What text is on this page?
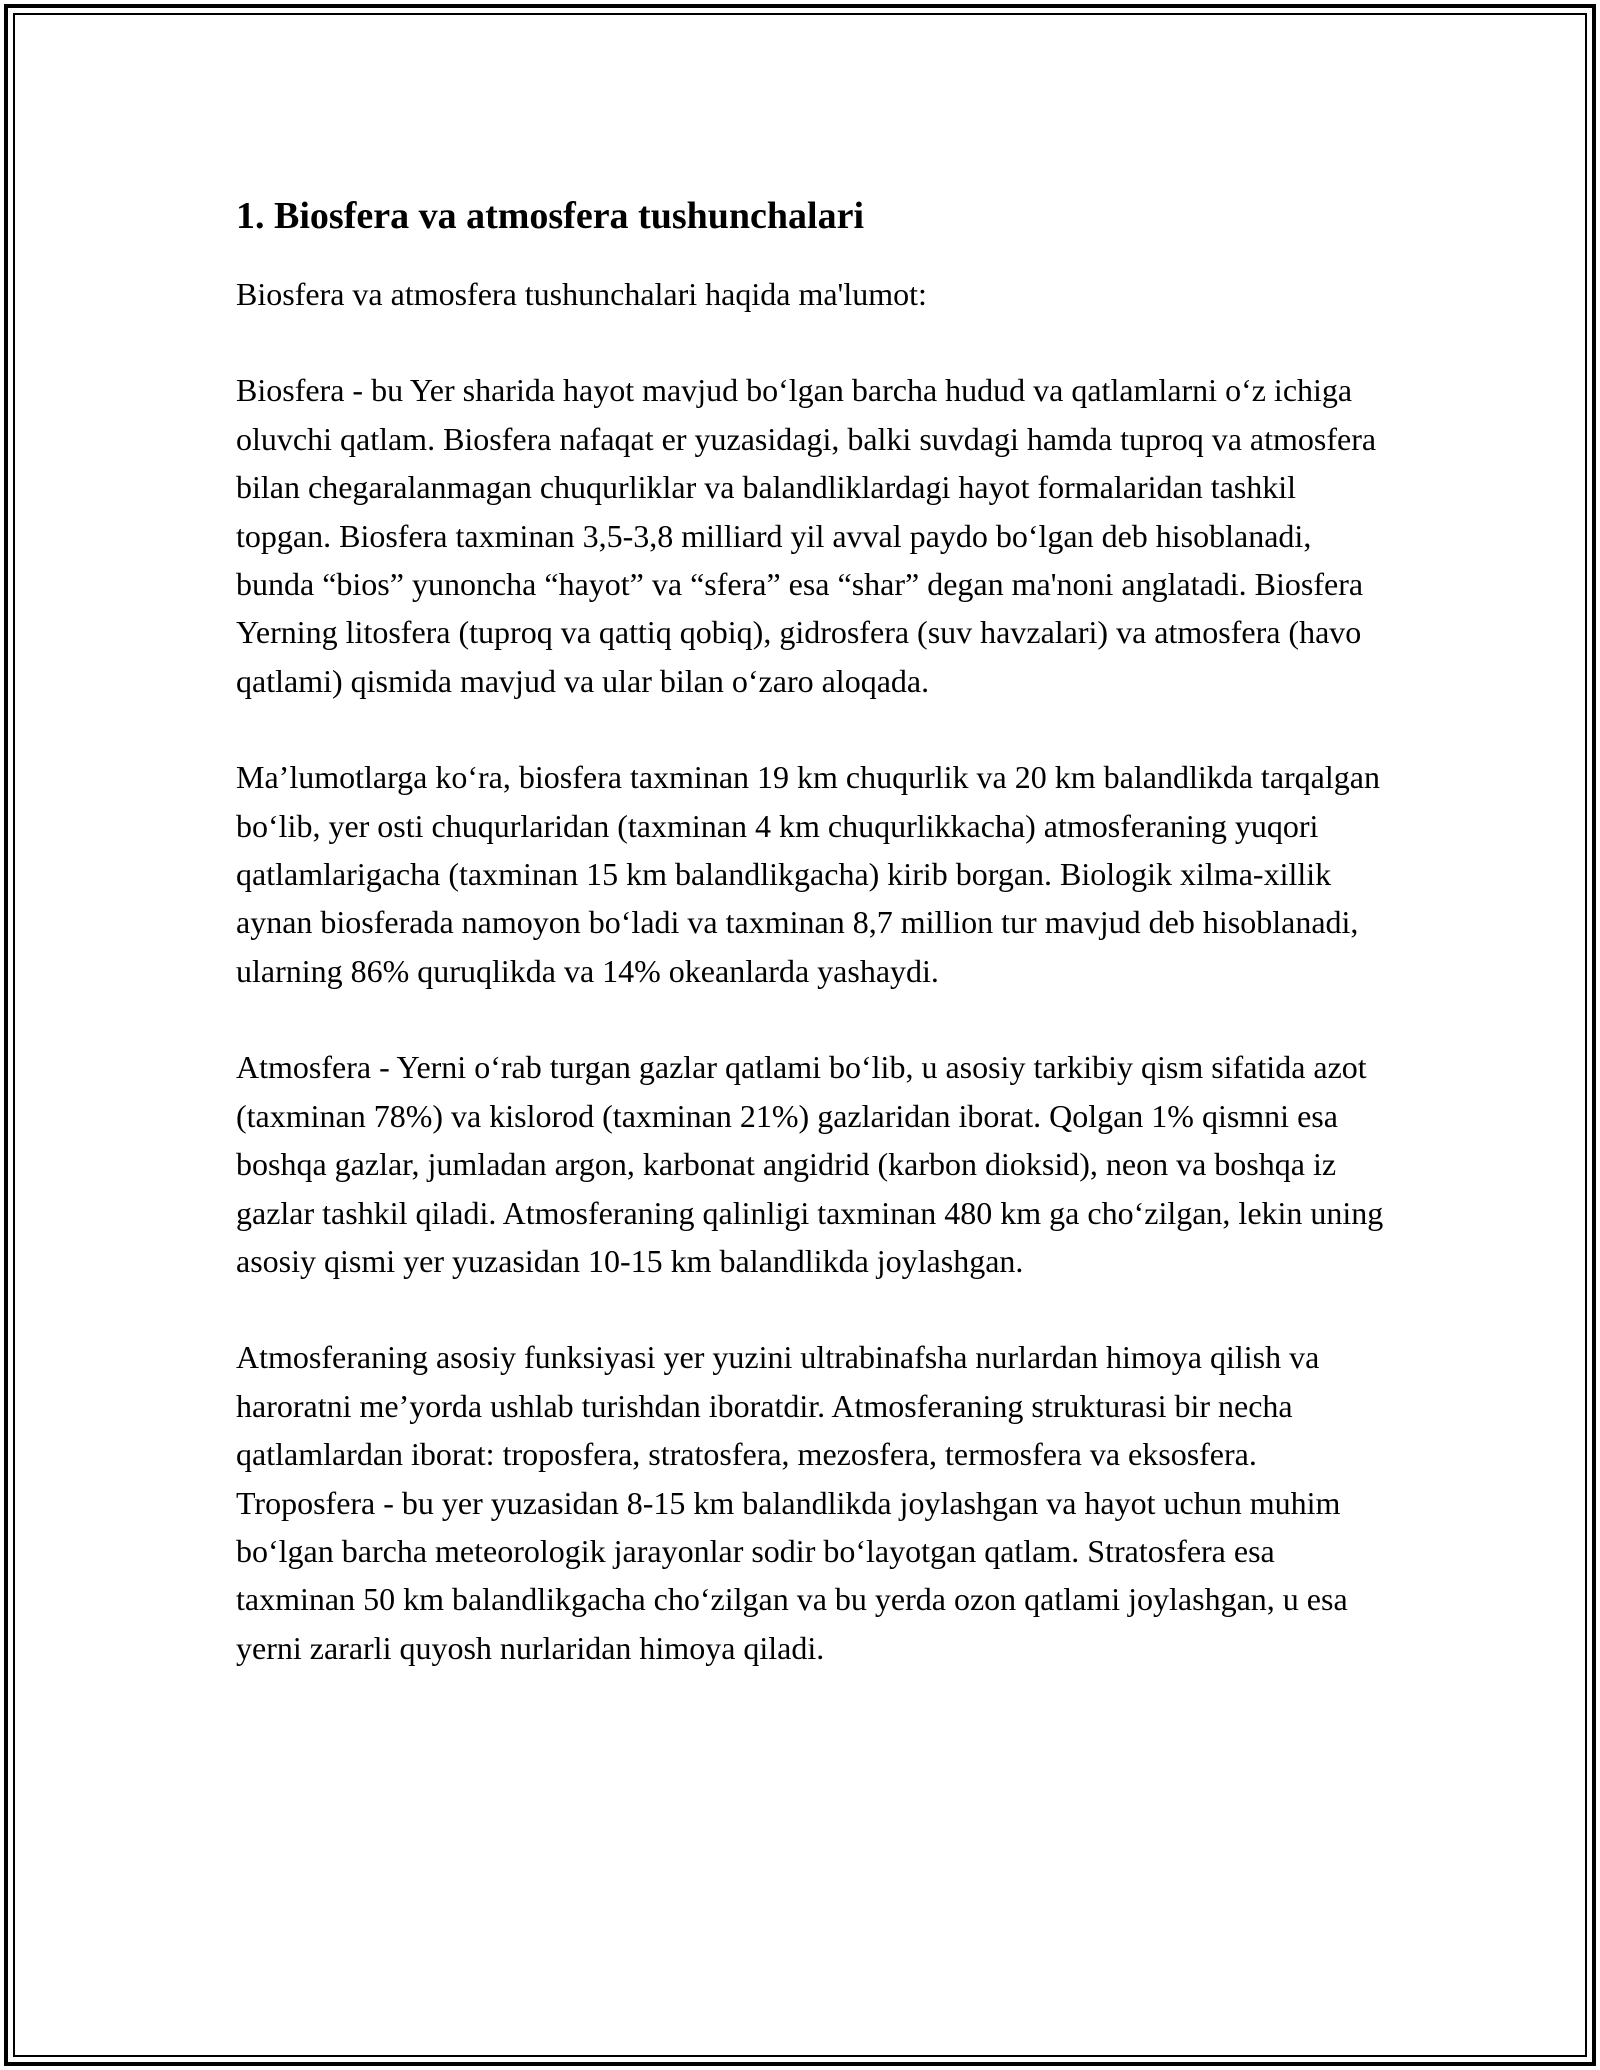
1. Biosfera va atmosfera tushunchalari

Biosfera va atmosfera tushunchalari haqida ma'lumot:

Biosfera - bu Yer sharida hayot mavjud bo‘lgan barcha hudud va qatlamlarni o‘z ichiga oluvchi qatlam. Biosfera nafaqat er yuzasidagi, balki suvdagi hamda tuproq va atmosfera bilan chegaralanmagan chuqurliklar va balandliklardagi hayot formalaridan tashkil topgan. Biosfera taxminan 3,5-3,8 milliard yil avval paydo bo‘lgan deb hisoblanadi, bunda “bios” yunoncha “hayot” va “sfera” esa “shar” degan ma'noni anglatadi. Biosfera Yerning litosfera (tuproq va qattiq qobiq), gidrosfera (suv havzalari) va atmosfera (havo qatlami) qismida mavjud va ular bilan o‘zaro aloqada.

Ma’lumotlarga ko‘ra, biosfera taxminan 19 km chuqurlik va 20 km balandlikda tarqalgan bo‘lib, yer osti chuqurlaridan (taxminan 4 km chuqurlikkacha) atmosferaning yuqori qatlamlarigacha (taxminan 15 km balandlikgacha) kirib borgan. Biologik xilma-xillik aynan biosferada namoyon bo‘ladi va taxminan 8,7 million tur mavjud deb hisoblanadi, ularning 86% quruqlikda va 14% okeanlarda yashaydi.

Atmosfera - Yerni o‘rab turgan gazlar qatlami bo‘lib, u asosiy tarkibiy qism sifatida azot (taxminan 78%) va kislorod (taxminan 21%) gazlaridan iborat. Qolgan 1% qismni esa boshqa gazlar, jumladan argon, karbonat angidrid (karbon dioksid), neon va boshqa iz gazlar tashkil qiladi. Atmosferaning qalinligi taxminan 480 km ga cho‘zilgan, lekin uning asosiy qismi yer yuzasidan 10-15 km balandlikda joylashgan.

Atmosferaning asosiy funksiyasi yer yuzini ultrabinafsha nurlardan himoya qilish va haroratni me’yorda ushlab turishdan iboratdir. Atmosferaning strukturasi bir necha qatlamlardan iborat: troposfera, stratosfera, mezosfera, termosfera va eksosfera. Troposfera - bu yer yuzasidan 8-15 km balandlikda joylashgan va hayot uchun muhim bo‘lgan barcha meteorologik jarayonlar sodir bo‘layotgan qatlam. Stratosfera esa taxminan 50 km balandlikgacha cho‘zilgan va bu yerda ozon qatlami joylashgan, u esa yerni zararli quyosh nurlaridan himoya qiladi.
